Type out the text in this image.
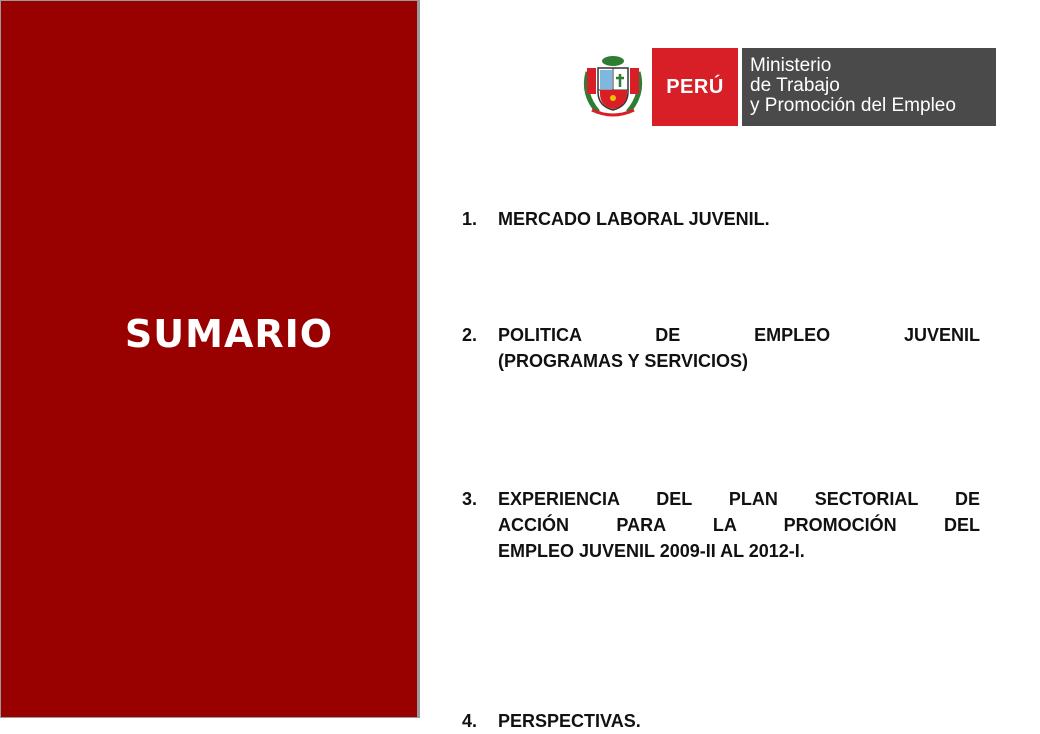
SUMARIO
PERÚ
Ministerio
de Trabajo
y Promoción del Empleo
1. MERCADO LABORAL JUVENIL.
2. POLITICA DE EMPLEO JUVENIL
(PROGRAMAS Y SERVICIOS)
3. EXPERIENCIA DEL PLAN SECTORIAL DE
ACCIÓN PARA LA PROMOCIÓN DEL
EMPLEO JUVENIL 2009-II AL 2012-I.
4. PERSPECTIVAS.
